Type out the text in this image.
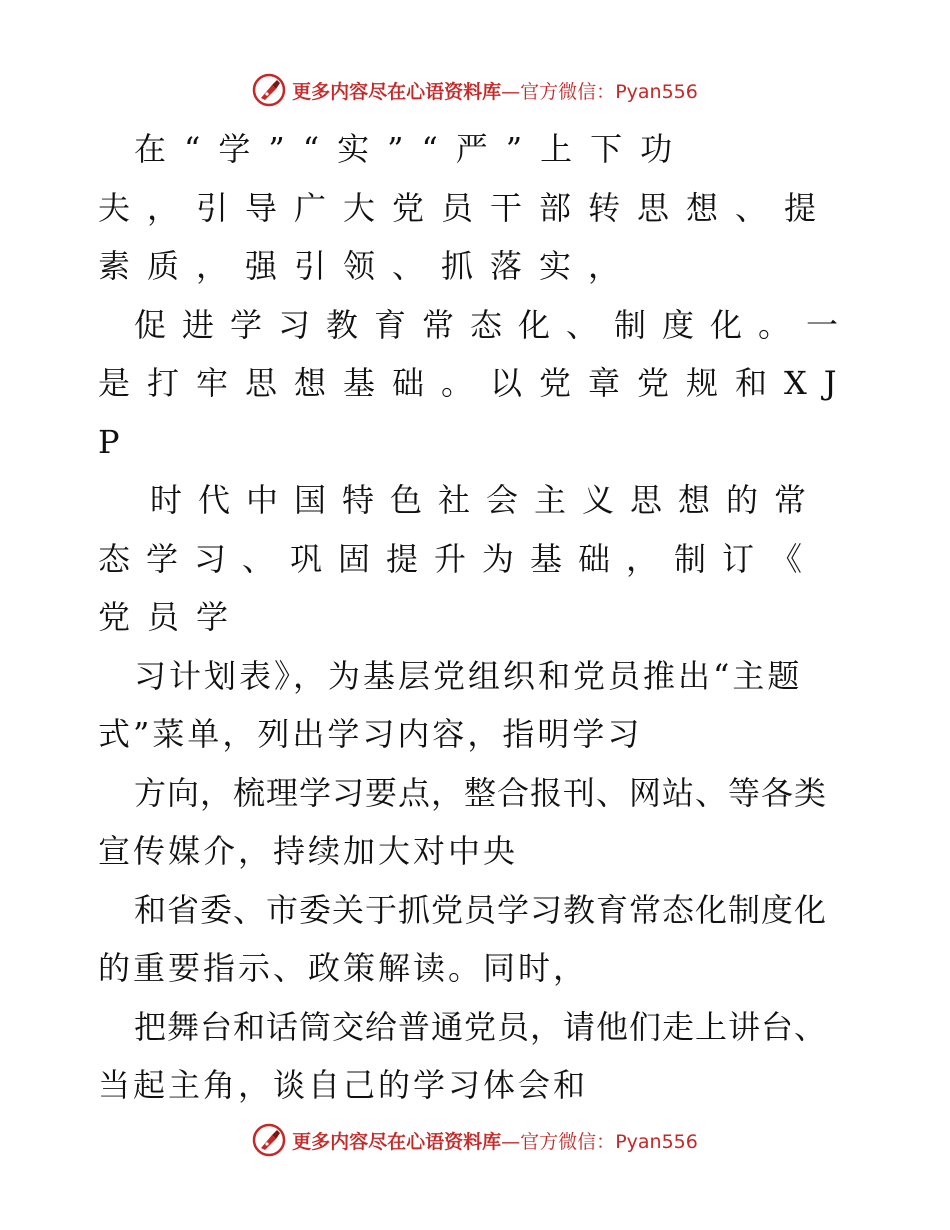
更多内容尽在心语资料库—官方微信：Pyan556
在“学”“实”“严”上下功
夫，引导广大党员干部转思想、提
素质，强引领、抓落实，
促进学习教育常态化、制度化。一
是打牢思想基础。以党章党规和XJ
P
时代中国特色社会主义思想的常
态学习、巩固提升为基础，制订《
党员学
习计划表》，为基层党组织和党员推出“主题
式”菜单，列出学习内容，指明学习
方向，梳理学习要点，整合报刊、网站、等各类
宣传媒介，持续加大对中央
和省委、市委关于抓党员学习教育常态化制度化
的重要指示、政策解读。同时，
把舞台和话筒交给普通党员，请他们走上讲台、
当起主角，谈自己的学习体会和
更多内容尽在心语资料库—官方微信：Pyan556
